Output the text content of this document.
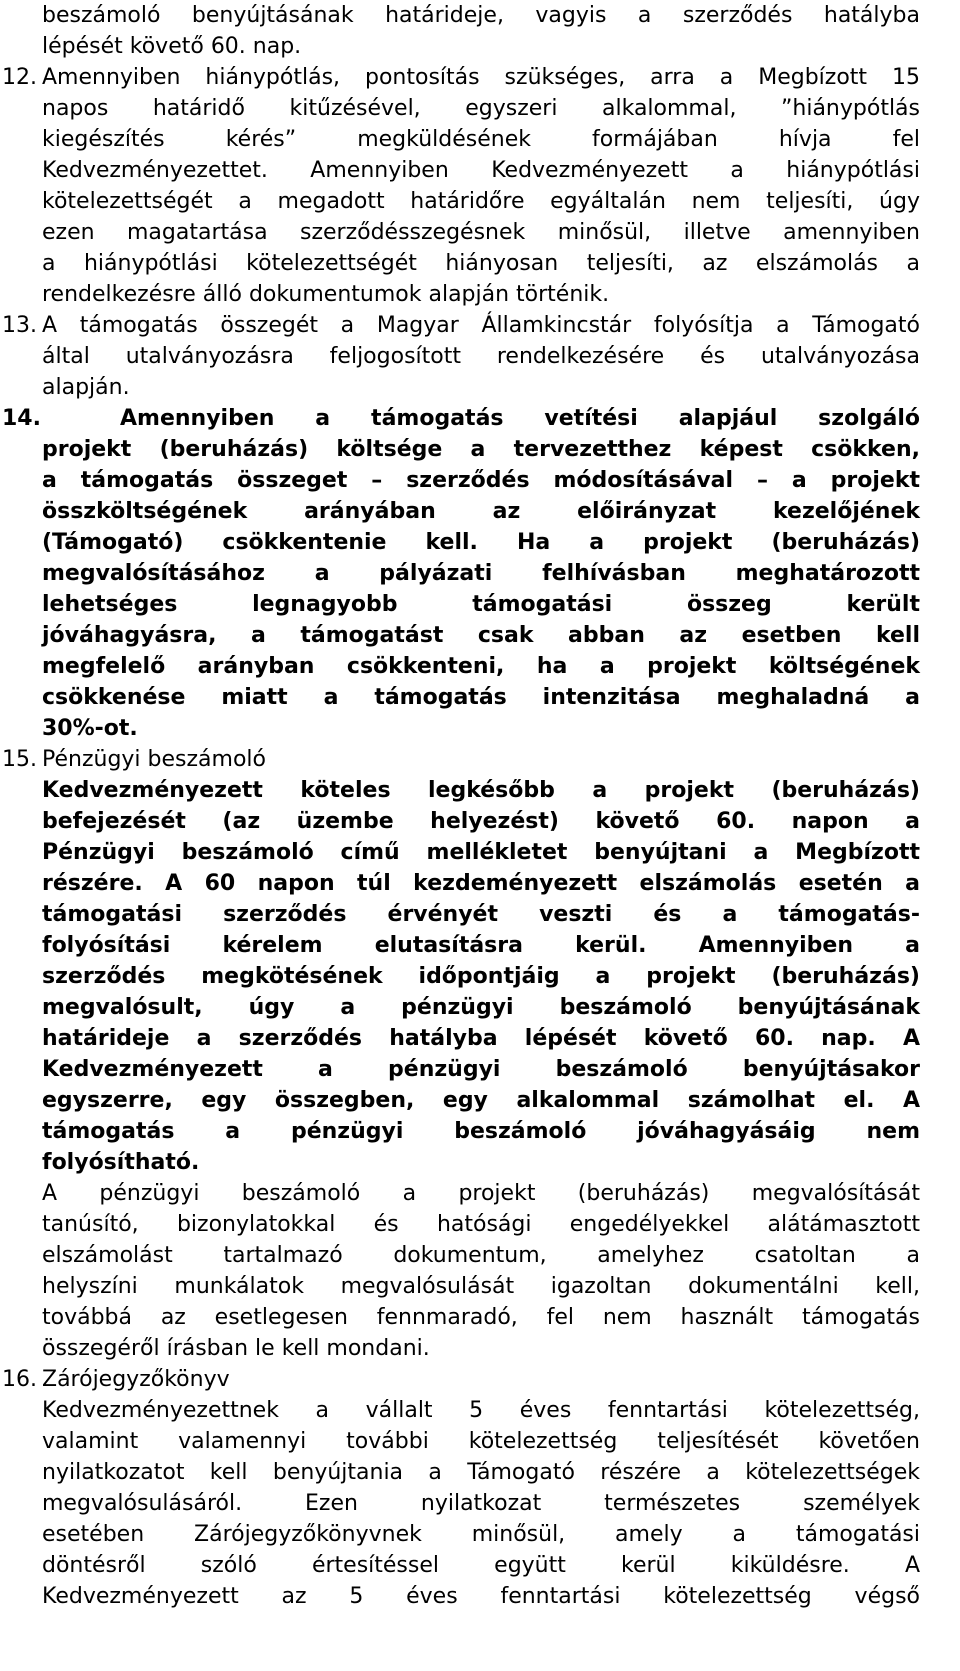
beszámoló benyújtásának határideje, vagyis a szerződés hatályba
lépését követő 60. nap.
12. Amennyiben hiánypótlás, pontosítás szükséges, arra a Megbízott 15
napos határidő kitűzésével, egyszeri alkalommal, ”hiánypótlás
kiegészítés kérés” megküldésének formájában hívja fel
Kedvezményezettet. Amennyiben Kedvezményezett a hiánypótlási
kötelezettségét a megadott határidőre egyáltalán nem teljesíti, úgy
ezen magatartása szerződésszegésnek minősül, illetve amennyiben
a hiánypótlási kötelezettségét hiányosan teljesíti, az elszámolás a
rendelkezésre álló dokumentumok alapján történik.
13. A támogatás összegét a Magyar Államkincstár folyósítja a Támogató
által utalványozásra feljogosított rendelkezésére és utalványozása
alapján.
14.	Amennyiben a támogatás vetítési alapjául szolgáló
projekt (beruházás) költsége a tervezetthez képest csökken,
a támogatás összeget – szerződés módosításával – a projekt
összköltségének arányában az előirányzat kezelőjének
(Támogató) csökkentenie kell. Ha a projekt (beruházás)
megvalósításához a pályázati felhívásban meghatározott
lehetséges legnagyobb támogatási összeg került
jóváhagyásra, a támogatást csak abban az esetben kell
megfelelő arányban csökkenteni, ha a projekt költségének
csökkenése miatt a támogatás intenzitása meghaladná a
30%-ot.
15. Pénzügyi beszámoló
Kedvezményezett köteles legkésőbb a projekt (beruházás)
befejezését (az üzembe helyezést) követő 60. napon a
Pénzügyi beszámoló című mellékletet benyújtani a Megbízott
részére. A 60 napon túl kezdeményezett elszámolás esetén a
támogatási szerződés érvényét veszti és a támogatás-
folyósítási kérelem elutasításra kerül. Amennyiben a
szerződés megkötésének időpontjáig a projekt (beruházás)
megvalósult, úgy a pénzügyi beszámoló benyújtásának
határideje a szerződés hatályba lépését követő 60. nap. A
Kedvezményezett a pénzügyi beszámoló benyújtásakor
egyszerre, egy összegben, egy alkalommal számolhat el. A
támogatás a pénzügyi beszámoló jóváhagyásáig nem
folyósítható.
A pénzügyi beszámoló a projekt (beruházás) megvalósítását
tanúsító, bizonylatokkal és hatósági engedélyekkel alátámasztott
elszámolást tartalmazó dokumentum, amelyhez csatoltan a
helyszíni munkálatok megvalósulását igazoltan dokumentálni kell,
továbbá az esetlegesen fennmaradó, fel nem használt támogatás
összegéről írásban le kell mondani.
16. Zárójegyzőkönyv
Kedvezményezettnek a vállalt 5 éves fenntartási kötelezettség,
valamint valamennyi további kötelezettség teljesítését követően
nyilatkozatot kell benyújtania a Támogató részére a kötelezettségek
megvalósulásáról. Ezen nyilatkozat természetes személyek
esetében Zárójegyzőkönyvnek minősül, amely a támogatási
döntésről szóló értesítéssel együtt kerül kiküldésre. A
Kedvezményezett az 5 éves fenntartási kötelezettség végső
